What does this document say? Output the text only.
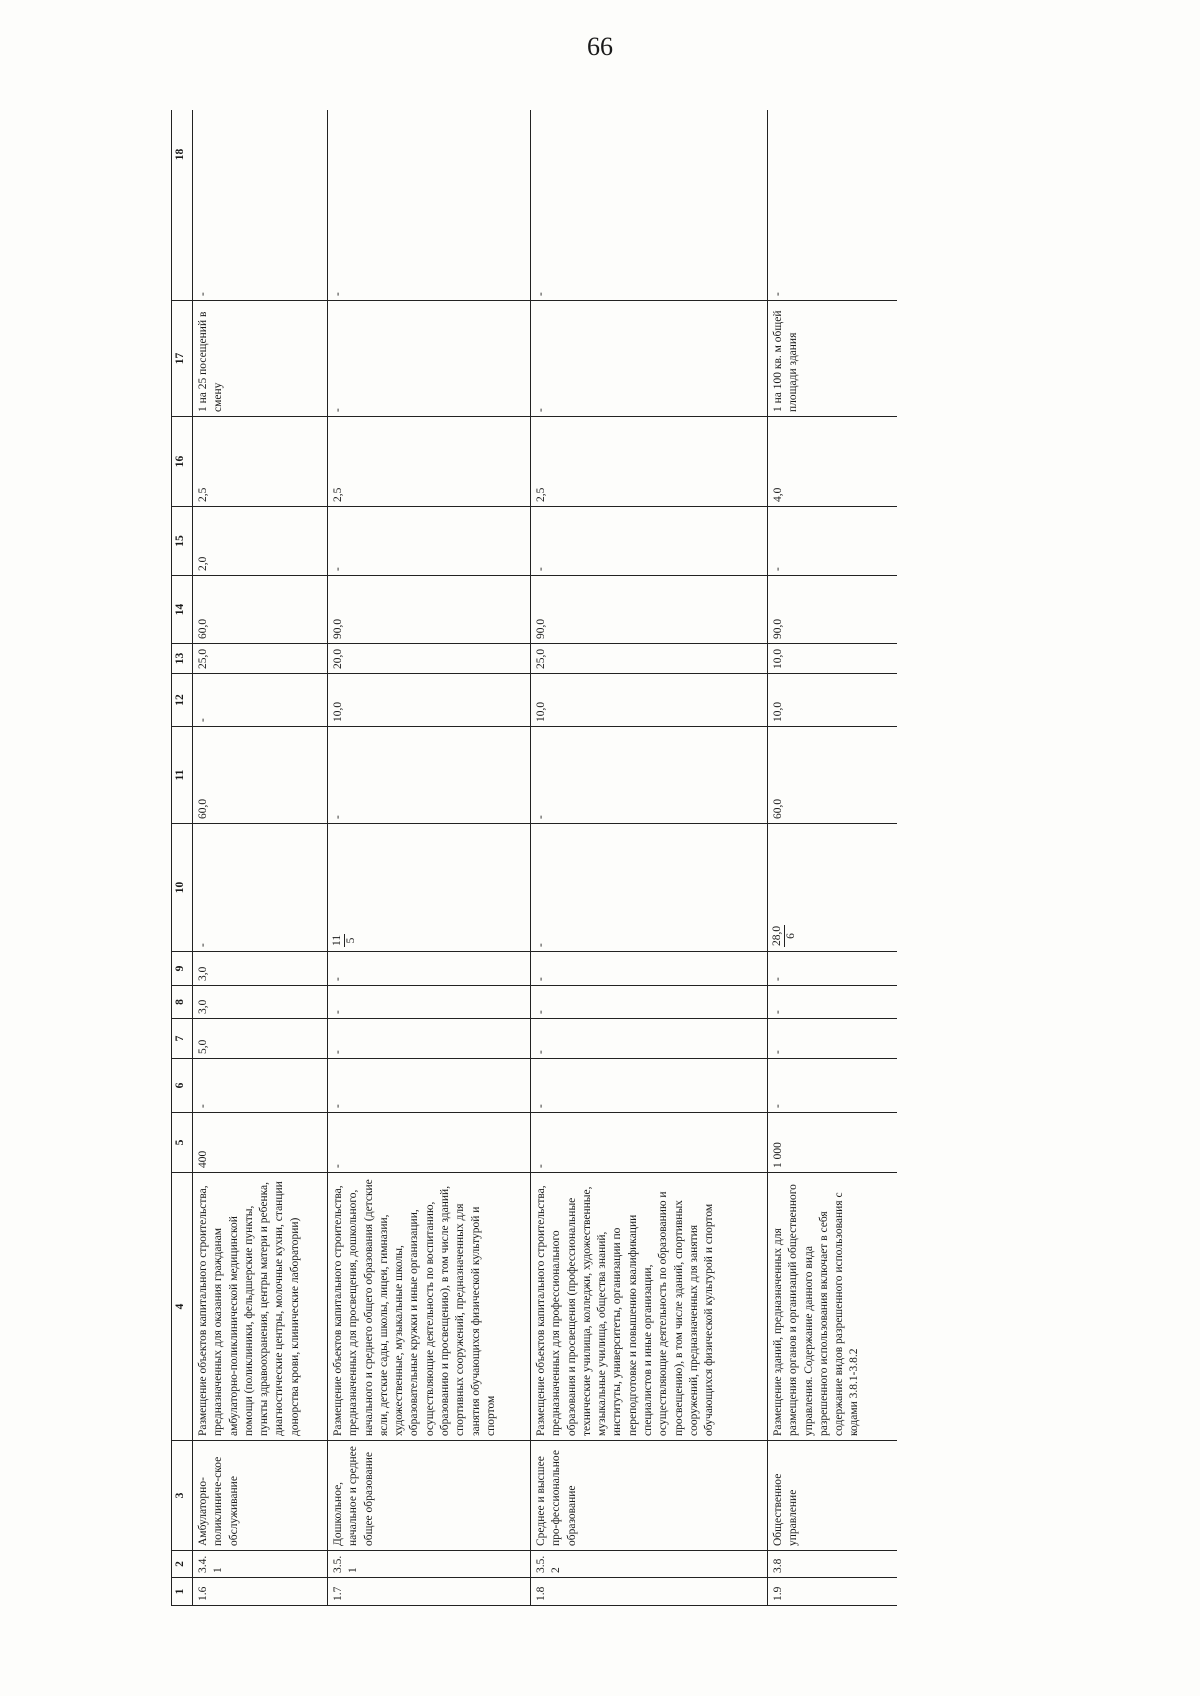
66
1	2	3	4	5	6	7	8	9	10	11	12	13	14	15	16	17	18
1.6	3.4.1	Амбулаторно-поликлиниче-ское обслуживание	Размещение объектов капитального строительства, предназначенных для оказания гражданам амбулаторно-поликлинической медицинской помощи (поликлиники, фельдшерские пункты, пункты здравоохранения, центры матери и ребенка, диагностические центры, молочные кухни, станции донорства крови, клинические лаборатории)	400	-	5,0	3,0	3,0	-	60,0	-	25,0	60,0	2,0	2,5	1 на 25 посещений в смену	-
1.7	3.5.1	Дошкольное, начальное и среднее общее образование	Размещение объектов капитального строительства, предназначенных для просвещения, дошкольного, начального и среднего общего образования (детские ясли, детские сады, школы, лицеи, гимназии, художественные, музыкальные школы, образовательные кружки и иные организации, осуществляющие деятельность по воспитанию, образованию и просвещению), в том числе зданий, спортивных сооружений, предназначенных для занятия обучающихся физической культурой и спортом	-	-	-	-	-	11 5	-	10,0	20,0	90,0	-	2,5	-	-
1.8	3.5.2	Среднее и высшее про-фессиональное образование	Размещение объектов капитального строительства, предназначенных для профессионального образования и просвещения (профессиональные технические училища, колледжи, художественные, музыкальные училища, общества знаний, институты, университеты, организации по переподготовке и повышению квалификации специалистов и иные организации, осуществляющие деятельность по образованию и просвещению), в том числе зданий, спортивных сооружений, предназначенных для занятия обучающихся физической культурой и спортом	-	-	-	-	-	-	-	10,0	25,0	90,0	-	2,5	-	-
1.9	3.8	Общественное управление	Размещение зданий, предназначенных для размещения органов и организаций общественного управления. Содержание данного вида разрешенного использования включает в себя содержание видов разрешенного использования с кодами 3.8.1-3.8.2	1 000	-	-	-	-	28,0 6	60,0	10,0	10,0	90,0	-	4,0	1 на 100 кв. м общей площади здания	-
